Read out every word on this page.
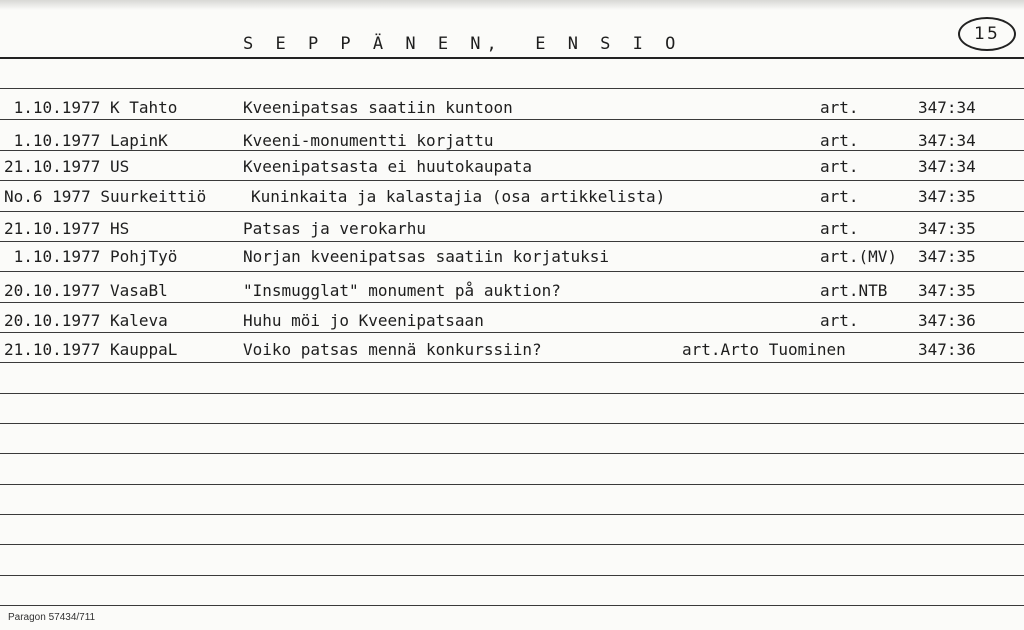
S E P P Ä N E N,  E N S I O	15
1.10.1977 K Tahto	Kveenipatsas saatiin kuntoon	art.	347:34
1.10.1977 LapinK	Kveeni-monumentti korjattu	art.	347:34
21.10.1977 US	Kveenipatsasta ei huutokaupata	art.	347:34
No.6 1977 Suurkeittiö	Kuninkaita ja kalastajia (osa artikkelista)	art.	347:35
21.10.1977 HS	Patsas ja verokarhu	art.	347:35
1.10.1977 PohjTyö	Norjan kveenipatsas saatiin korjatuksi	art.(MV) 347:35
20.10.1977 VasaBl	"Insmugglat" monument på auktion?	art.NTB 347:35
20.10.1977 Kaleva	Huhu möi jo Kveenipatsaan	art.	347:36
21.10.1977 KauppaL	Voiko patsas mennä konkurssiin?	art.Arto Tuominen	347:36
Paragon 57434/711
